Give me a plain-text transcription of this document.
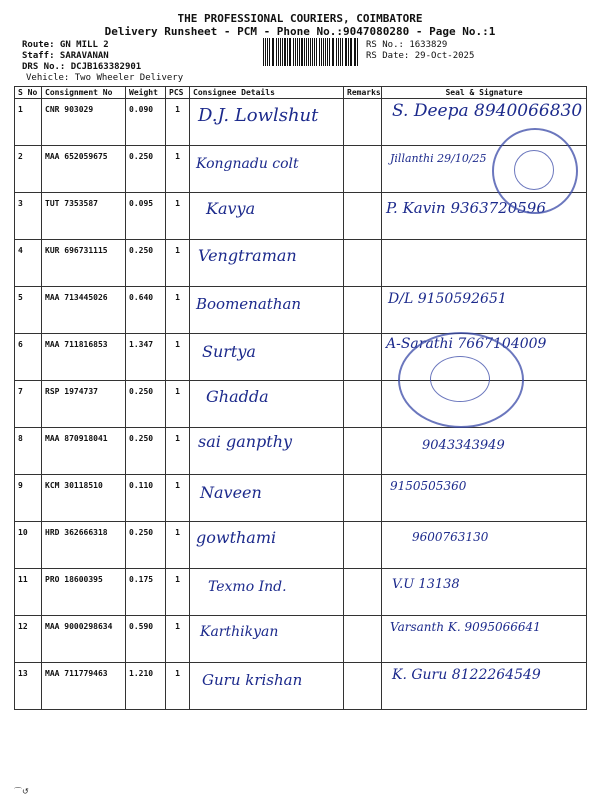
THE PROFESSIONAL COURIERS, COIMBATORE
Delivery Runsheet - PCM - Phone No.:9047080280 - Page No.:1
Route: GN MILL 2
Staff: SARAVANAN
DRS No.: DCJB163382901
Vehicle: Two Wheeler Delivery
RS No.: 1633829
RS Date: 29-Oct-2025
S No	Consignment No	Weight	PCS	Consignee Details	Remarks	Seal & Signature
1	CNR 903029	0.090	1	D.J. Lowlshut		S. Deepa 8940066830

2	MAA 652059675	0.250	1	Kongnadu colt		Jillanthi 29/10/25

3	TUT 7353587	0.095	1	Kavya		P. Kavin 9363720596

4	KUR 696731115	0.250	1	Vengtraman		

5	MAA 713445026	0.640	1	Boomenathan		D/L 9150592651

6	MAA 711816853	1.347	1	Surtya		A-Sarathi 7667104009

7	RSP 1974737	0.250	1	Ghadda		

8	MAA 870918041	0.250	1	sai ganpthy		9043343949

9	KCM 30118510	0.110	1	Naveen		9150505360

10	HRD 362666318	0.250	1	gowthami		9600763130

11	PRO 18600395	0.175	1	Texmo Ind.		V.U 13138

12	MAA 9000298634	0.590	1	Karthikyan		Varsanth K. 9095066641

13	MAA 711779463	1.210	1	Guru krishan		K. Guru 8122264549
⌒↺
